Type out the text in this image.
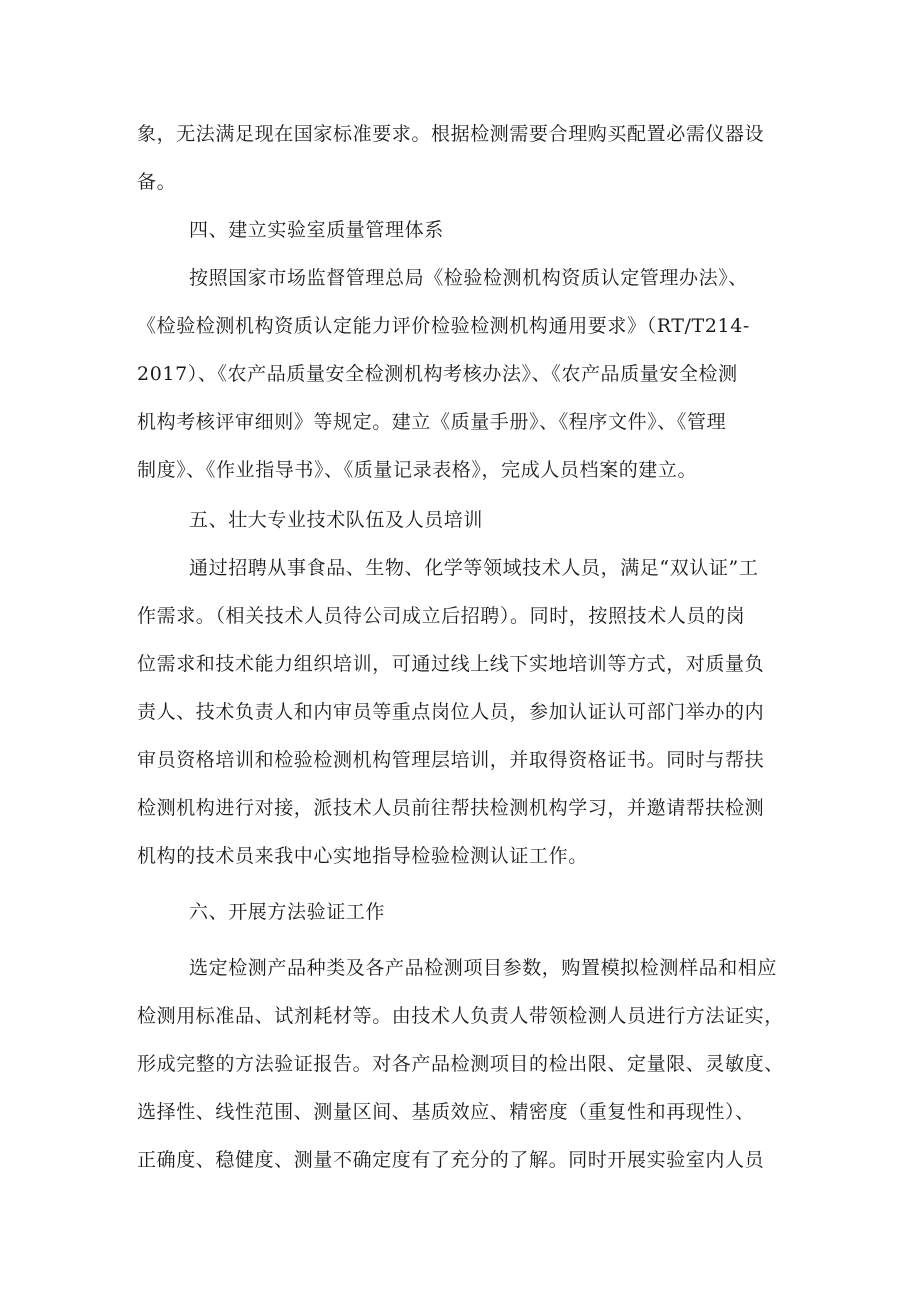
象，无法满足现在国家标准要求。根据检测需要合理购买配置必需仪器设
备。
四、建立实验室质量管理体系
按照国家市场监督管理总局《检验检测机构资质认定管理办法》、
《检验检测机构资质认定能力评价检验检测机构通用要求》（RT/T214-
2017）、《农产品质量安全检测机构考核办法》、《农产品质量安全检测
机构考核评审细则》等规定。建立《质量手册》、《程序文件》、《管理
制度》、《作业指导书》、《质量记录表格》，完成人员档案的建立。
五、壮大专业技术队伍及人员培训
通过招聘从事食品、生物、化学等领域技术人员，满足“双认证”工
作需求。（相关技术人员待公司成立后招聘）。同时，按照技术人员的岗
位需求和技术能力组织培训，可通过线上线下实地培训等方式，对质量负
责人、技术负责人和内审员等重点岗位人员，参加认证认可部门举办的内
审员资格培训和检验检测机构管理层培训，并取得资格证书。同时与帮扶
检测机构进行对接，派技术人员前往帮扶检测机构学习，并邀请帮扶检测
机构的技术员来我中心实地指导检验检测认证工作。
六、开展方法验证工作
选定检测产品种类及各产品检测项目参数，购置模拟检测样品和相应
检测用标准品、试剂耗材等。由技术人负责人带领检测人员进行方法证实，
形成完整的方法验证报告。对各产品检测项目的检出限、定量限、灵敏度、
选择性、线性范围、测量区间、基质效应、精密度（重复性和再现性）、
正确度、稳健度、测量不确定度有了充分的了解。同时开展实验室内人员
